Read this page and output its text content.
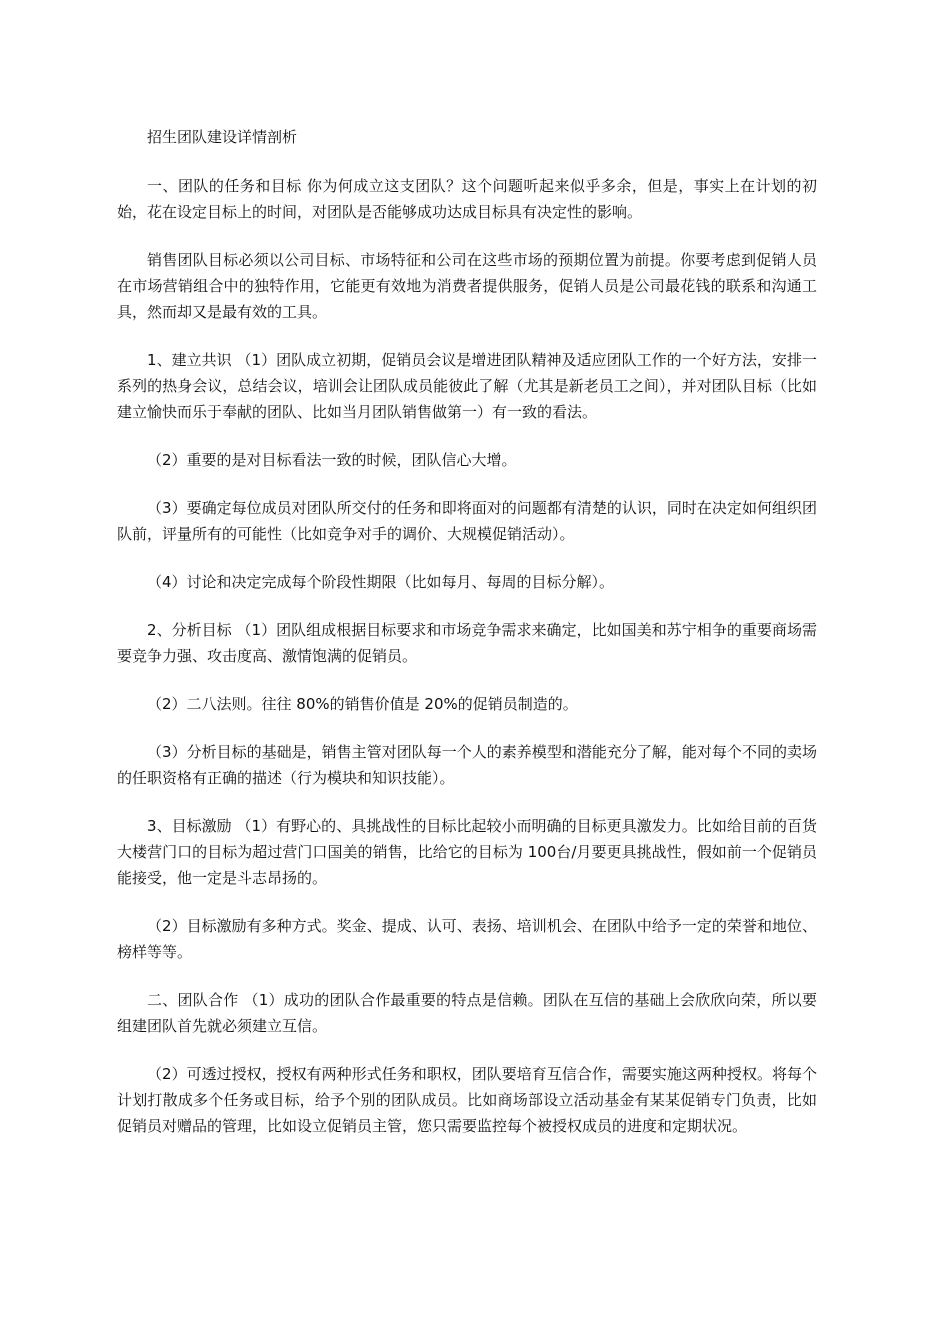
招生团队建设详情剖析

一、团队的任务和目标 你为何成立这支团队？这个问题听起来似乎多余，但是，事实上在计划的初始，花在设定目标上的时间，对团队是否能够成功达成目标具有决定性的影响。

销售团队目标必须以公司目标、市场特征和公司在这些市场的预期位置为前提。你要考虑到促销人员在市场营销组合中的独特作用，它能更有效地为消费者提供服务，促销人员是公司最花钱的联系和沟通工具，然而却又是最有效的工具。

1、建立共识 （1）团队成立初期，促销员会议是增进团队精神及适应团队工作的一个好方法，安排一系列的热身会议，总结会议，培训会让团队成员能彼此了解（尤其是新老员工之间），并对团队目标（比如建立愉快而乐于奉献的团队、比如当月团队销售做第一）有一致的看法。

（2）重要的是对目标看法一致的时候，团队信心大增。

（3）要确定每位成员对团队所交付的任务和即将面对的问题都有清楚的认识，同时在决定如何组织团队前，评量所有的可能性（比如竞争对手的调价、大规模促销活动）。

（4）讨论和决定完成每个阶段性期限（比如每月、每周的目标分解）。

2、分析目标 （1）团队组成根据目标要求和市场竞争需求来确定，比如国美和苏宁相争的重要商场需要竞争力强、攻击度高、激情饱满的促销员。

（2）二八法则。往往 80%的销售价值是 20%的促销员制造的。

（3）分析目标的基础是，销售主管对团队每一个人的素养模型和潜能充分了解，能对每个不同的卖场的任职资格有正确的描述（行为模块和知识技能）。

3、目标激励 （1）有野心的、具挑战性的目标比起较小而明确的目标更具激发力。比如给目前的百货大楼营门口的目标为超过营门口国美的销售，比给它的目标为 100台/月要更具挑战性，假如前一个促销员能接受，他一定是斗志昂扬的。

（2）目标激励有多种方式。奖金、提成、认可、表扬、培训机会、在团队中给予一定的荣誉和地位、榜样等等。

二、团队合作 （1）成功的团队合作最重要的特点是信赖。团队在互信的基础上会欣欣向荣，所以要组建团队首先就必须建立互信。

（2）可透过授权，授权有两种形式任务和职权，团队要培育互信合作，需要实施这两种授权。将每个计划打散成多个任务或目标，给予个别的团队成员。比如商场部设立活动基金有某某促销专门负责，比如促销员对赠品的管理，比如设立促销员主管，您只需要监控每个被授权成员的进度和定期状况。
